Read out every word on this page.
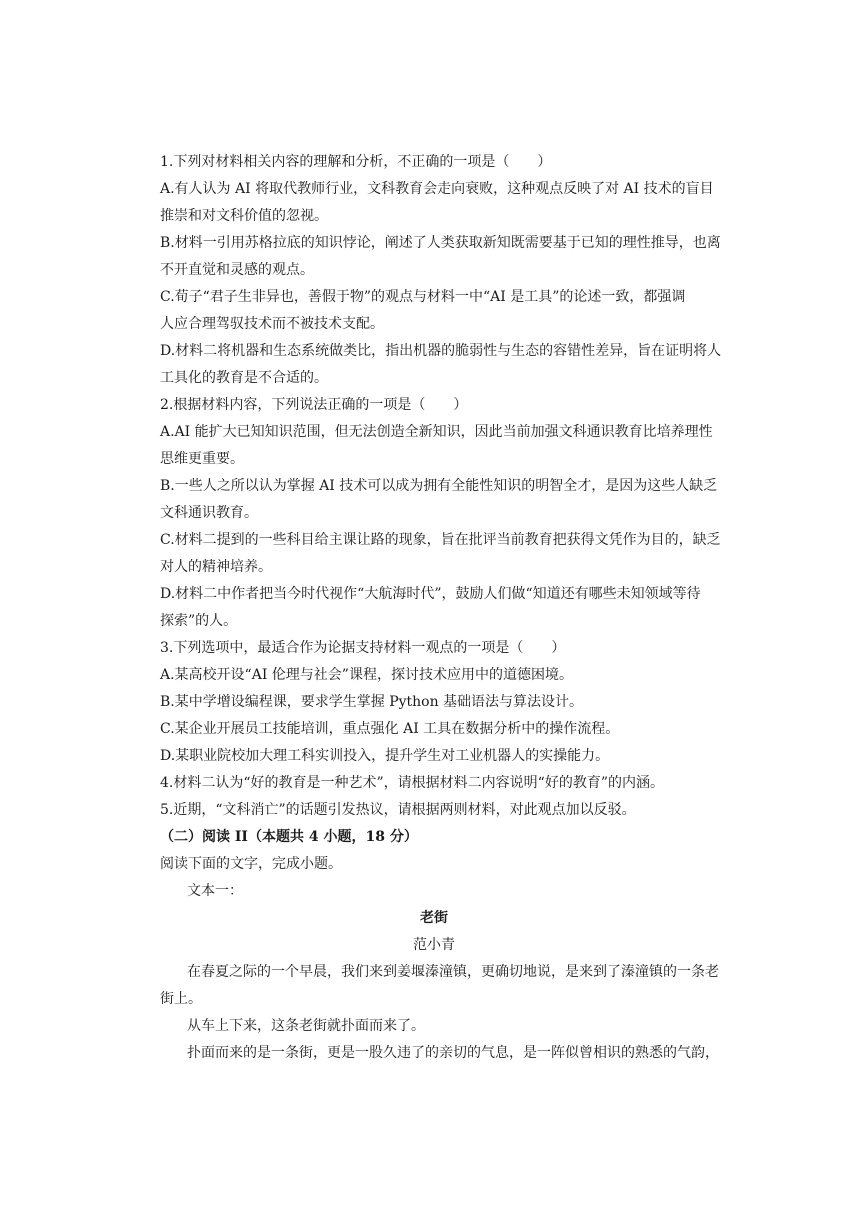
1.下列对材料相关内容的理解和分析，不正确的一项是（　　）
A.有人认为 AI 将取代教师行业，文科教育会走向衰败，这种观点反映了对 AI 技术的盲目
推崇和对文科价值的忽视。
B.材料一引用苏格拉底的知识悖论，阐述了人类获取新知既需要基于已知的理性推导，也离
不开直觉和灵感的观点。
C.荀子“君子生非异也，善假于物”的观点与材料一中“AI 是工具”的论述一致，都强调
人应合理驾驭技术而不被技术支配。
D.材料二将机器和生态系统做类比，指出机器的脆弱性与生态的容错性差异，旨在证明将人
工具化的教育是不合适的。
2.根据材料内容，下列说法正确的一项是（　　）
A.AI 能扩大已知知识范围，但无法创造全新知识，因此当前加强文科通识教育比培养理性
思维更重要。
B.一些人之所以认为掌握 AI 技术可以成为拥有全能性知识的明智全才，是因为这些人缺乏
文科通识教育。
C.材料二提到的一些科目给主课让路的现象，旨在批评当前教育把获得文凭作为目的，缺乏
对人的精神培养。
D.材料二中作者把当今时代视作“大航海时代”，鼓励人们做“知道还有哪些未知领域等待
探索”的人。
3.下列选项中，最适合作为论据支持材料一观点的一项是（　　）
A.某高校开设“AI 伦理与社会”课程，探讨技术应用中的道德困境。
B.某中学增设编程课，要求学生掌握 Python 基础语法与算法设计。
C.某企业开展员工技能培训，重点强化 AI 工具在数据分析中的操作流程。
D.某职业院校加大理工科实训投入，提升学生对工业机器人的实操能力。
4.材料二认为“好的教育是一种艺术”，请根据材料二内容说明“好的教育”的内涵。
5.近期，“文科消亡”的话题引发热议，请根据两则材料，对此观点加以反驳。
（二）阅读 II（本题共 4 小题，18 分）
阅读下面的文字，完成小题。
文本一：
老街
范小青
在春夏之际的一个早晨，我们来到姜堰溱潼镇，更确切地说，是来到了溱潼镇的一条老
街上。
从车上下来，这条老街就扑面而来了。
扑面而来的是一条街，更是一股久违了的亲切的气息，是一阵似曾相识的熟悉的气韵，
